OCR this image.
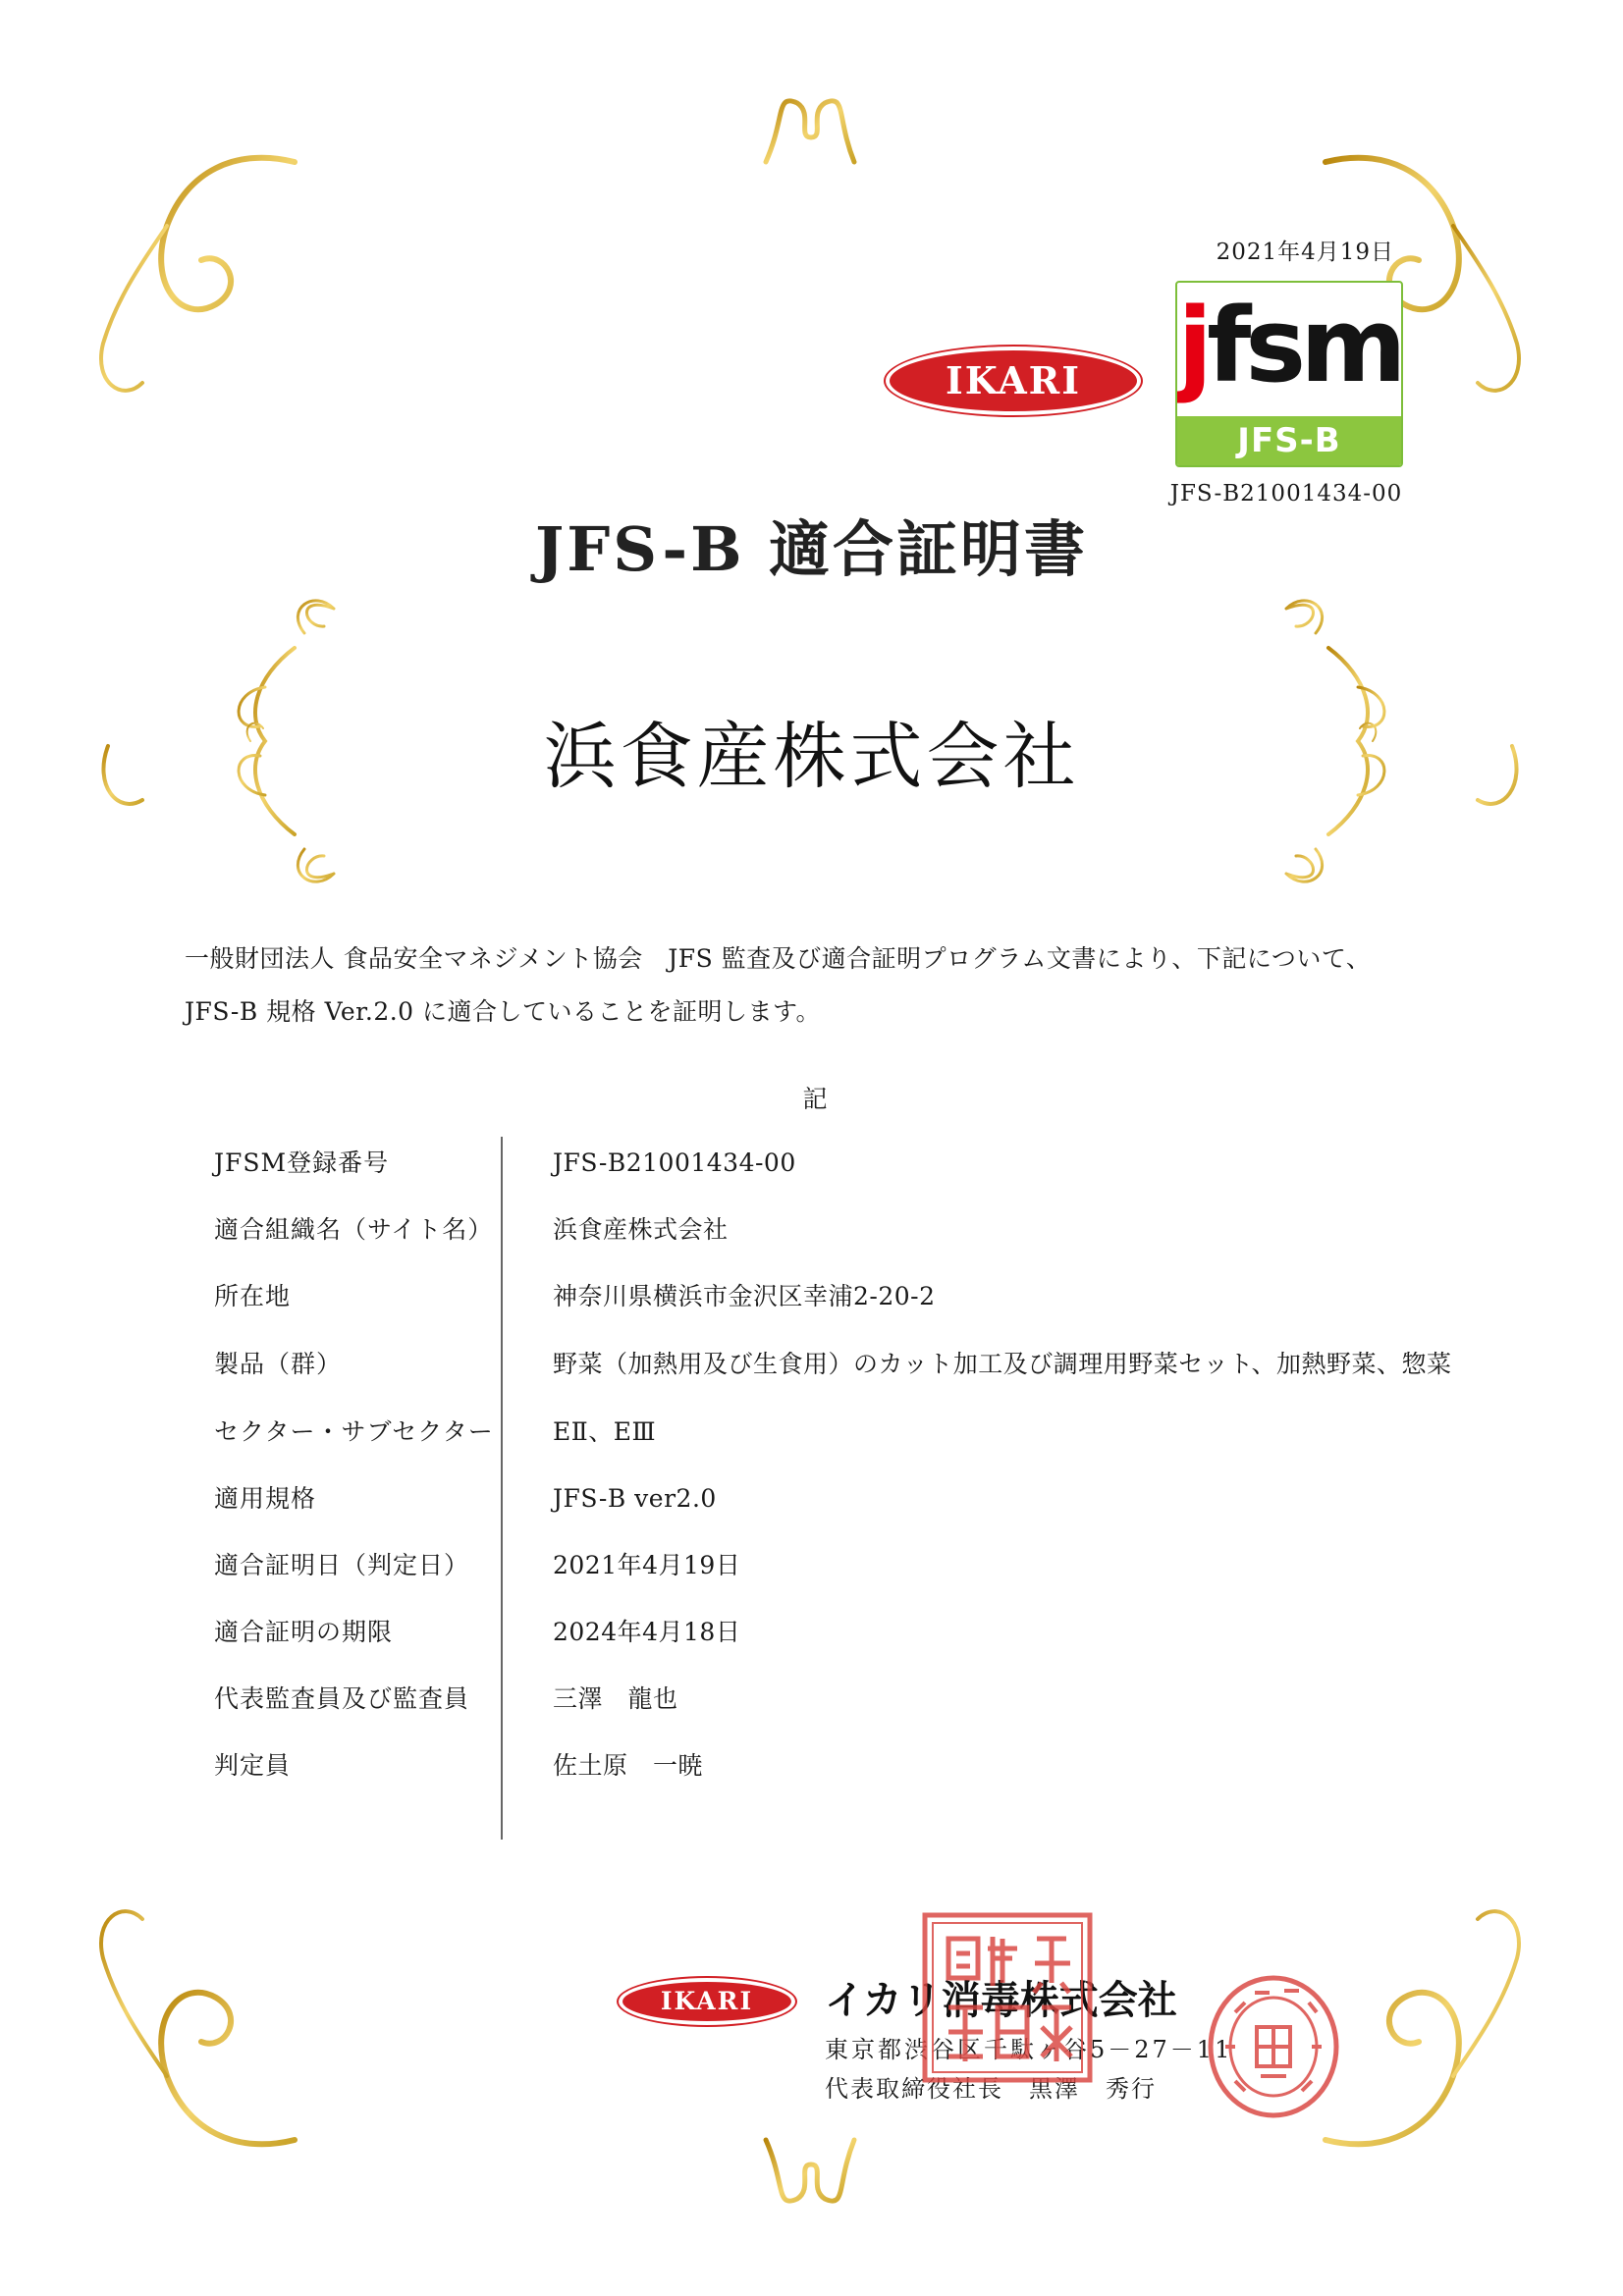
2021年4月19日
IKARI jfsm
JFS-B
JFS-B21001434-00
JFS-B 適合証明書
浜食産株式会社
一般財団法人 食品安全マネジメント協会　JFS 監査及び適合証明プログラム文書により、下記について、
JFS-B 規格 Ver.2.0 に適合していることを証明します。
記
JFSM登録番号	JFS-B21001434-00
適合組織名（サイト名） 浜食産株式会社
所在地	神奈川県横浜市金沢区幸浦2-20-2
製品（群）	野菜（加熱用及び生食用）のカット加工及び調理用野菜セット、加熱野菜、惣菜
セクター・サブセクター EⅡ、EⅢ
適用規格	JFS-B ver2.0
適合証明日（判定日）	2021年4月19日
適合証明の期限	2024年4月18日
代表監査員及び監査員	三澤　龍也
判定員	佐土原　一暁
IKARI	イカリ消毒株式会社
東京都渋谷区千駄ヶ谷5－27－11
代表取締役社長　黒澤　秀行
